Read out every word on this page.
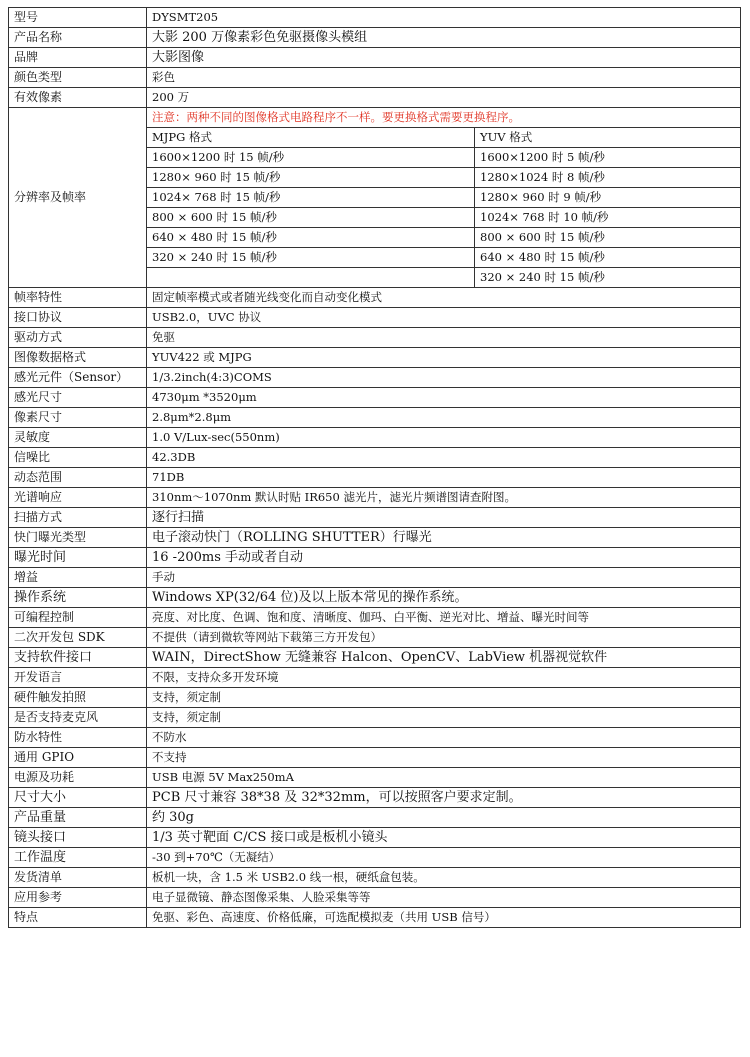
型号	DYSMT205	
产品名称	大影 200 万像素彩色免驱摄像头模组	
品牌	大影图像	
颜色类型	彩色	
有效像素	200 万	
分辨率及帧率	注意：两种不同的图像格式电路程序不一样。要更换格式需要更换程序。	
	MJPG 格式	YUV 格式
	1600×1200 时 15 帧/秒	1600×1200 时 5 帧/秒
	1280× 960 时 15 帧/秒	1280×1024 时 8 帧/秒
	1024× 768 时 15 帧/秒	1280× 960 时 9 帧/秒
	800 × 600 时 15 帧/秒	1024× 768 时 10 帧/秒
	640 × 480 时 15 帧/秒	800 × 600 时 15 帧/秒
	320 × 240 时 15 帧/秒	640 × 480 时 15 帧/秒
		320 × 240 时 15 帧/秒
帧率特性	固定帧率模式或者随光线变化而自动变化模式	
接口协议	USB2.0，UVC 协议	
驱动方式	免驱	
图像数据格式	YUV422 或 MJPG	
感光元件（Sensor）	1/3.2inch(4:3)COMS	
感光尺寸	4730μm *3520μm	
像素尺寸	2.8μm*2.8μm	
灵敏度	1.0 V/Lux-sec(550nm)	
信噪比	42.3DB	
动态范围	71DB	
光谱响应	310nm～1070nm 默认时贴 IR650 滤光片，滤光片频谱图请查附图。	
扫描方式	逐行扫描	
快门曝光类型	电子滚动快门（ROLLING SHUTTER）行曝光	
曝光时间	16 -200ms 手动或者自动	
增益	手动	
操作系统	Windows XP(32/64 位)及以上版本常见的操作系统。	
可编程控制	亮度、对比度、色调、饱和度、清晰度、伽玛、白平衡、逆光对比、增益、曝光时间等	
二次开发包 SDK	不提供（请到微软等网站下载第三方开发包）	
支持软件接口	WAIN，DirectShow 无缝兼容 Halcon、OpenCV、LabView 机器视觉软件	
开发语言	不限，支持众多开发环境	
硬件触发拍照	支持，须定制	
是否支持麦克风	支持，须定制	
防水特性	不防水	
通用 GPIO	不支持	
电源及功耗	USB 电源 5V Max250mA	
尺寸大小	PCB 尺寸兼容 38*38 及 32*32mm，可以按照客户要求定制。	
产品重量	约 30g	
镜头接口	1/3 英寸靶面 C/CS 接口或是板机小镜头	
工作温度	-30 到+70℃（无凝结）	
发货清单	板机一块，含 1.5 米 USB2.0 线一根，硬纸盒包装。	
应用参考	电子显微镜、静态图像采集、人脸采集等等	
特点	免驱、彩色、高速度、价格低廉，可选配模拟麦（共用 USB 信号）	
